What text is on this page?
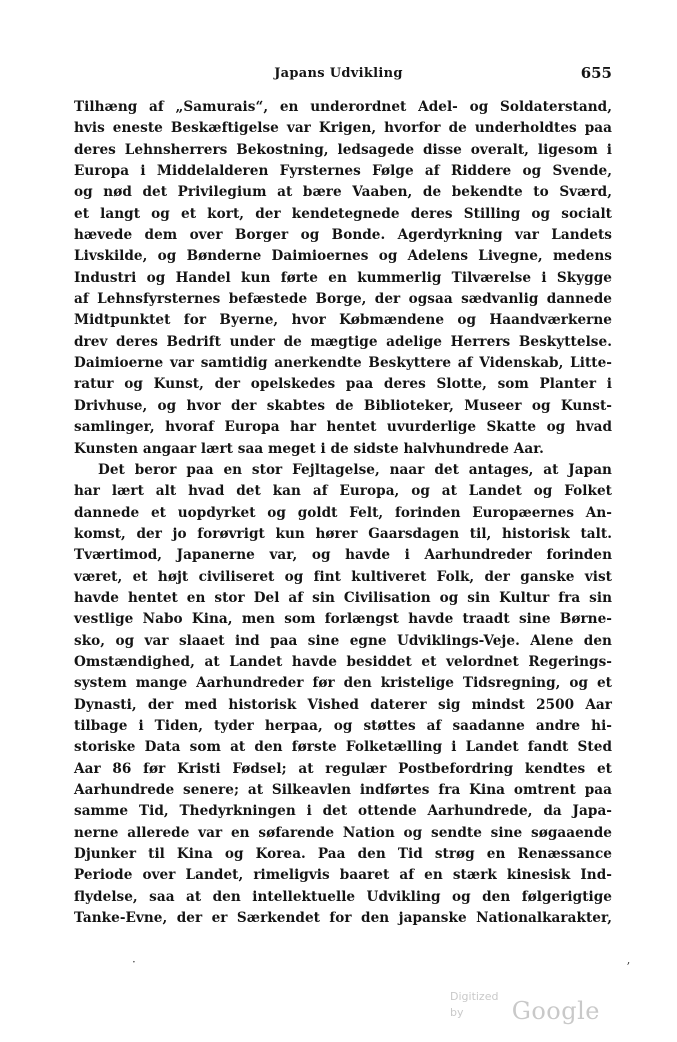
Japans Udvikling	655
Tilhæng af „Samurais“, en underordnet Adel- og Soldaterstand,
hvis eneste Beskæftigelse var Krigen, hvorfor de underholdtes paa
deres Lehnsherrers Bekostning, ledsagede disse overalt, ligesom i
Europa i Middelalderen Fyrsternes Følge af Riddere og Svende,
og nød det Privilegium at bære Vaaben, de bekendte to Sværd,
et langt og et kort, der kendetegnede deres Stilling og socialt
hævede dem over Borger og Bonde. Agerdyrkning var Landets
Livskilde, og Bønderne Daimioernes og Adelens Livegne, medens
Industri og Handel kun førte en kummerlig Tilværelse i Skygge
af Lehnsfyrsternes befæstede Borge, der ogsaa sædvanlig dannede
Midtpunktet for Byerne, hvor Købmændene og Haandværkerne
drev deres Bedrift under de mægtige adelige Herrers Beskyttelse.
Daimioerne var samtidig anerkendte Beskyttere af Videnskab, Litte-
ratur og Kunst, der opelskedes paa deres Slotte, som Planter i
Drivhuse, og hvor der skabtes de Biblioteker, Museer og Kunst-
samlinger, hvoraf Europa har hentet uvurderlige Skatte og hvad
Kunsten angaar lært saa meget i de sidste halvhundrede Aar.
Det beror paa en stor Fejltagelse, naar det antages, at Japan
har lært alt hvad det kan af Europa, og at Landet og Folket
dannede et uopdyrket og goldt Felt, forinden Europæernes An-
komst, der jo forøvrigt kun hører Gaarsdagen til, historisk talt.
Tværtimod, Japanerne var, og havde i Aarhundreder forinden
været, et højt civiliseret og fint kultiveret Folk, der ganske vist
havde hentet en stor Del af sin Civilisation og sin Kultur fra sin
vestlige Nabo Kina, men som forlængst havde traadt sine Børne-
sko, og var slaaet ind paa sine egne Udviklings-Veje. Alene den
Omstændighed, at Landet havde besiddet et velordnet Regerings-
system mange Aarhundreder før den kristelige Tidsregning, og et
Dynasti, der med historisk Vished daterer sig mindst 2500 Aar
tilbage i Tiden, tyder herpaa, og støttes af saadanne andre hi-
storiske Data som at den første Folketælling i Landet fandt Sted
Aar 86 før Kristi Fødsel; at regulær Postbefordring kendtes et
Aarhundrede senere; at Silkeavlen indførtes fra Kina omtrent paa
samme Tid, Thedyrkningen i det ottende Aarhundrede, da Japa-
nerne allerede var en søfarende Nation og sendte sine søgaaende
Djunker til Kina og Korea. Paa den Tid strøg en Renæssance
Periode over Landet, rimeligvis baaret af en stærk kinesisk Ind-
flydelse, saa at den intellektuelle Udvikling og den følgerigtige
Tanke-Evne, der er Særkendet for den japanske Nationalkarakter,
·	ʼ
Digitized by	Google
